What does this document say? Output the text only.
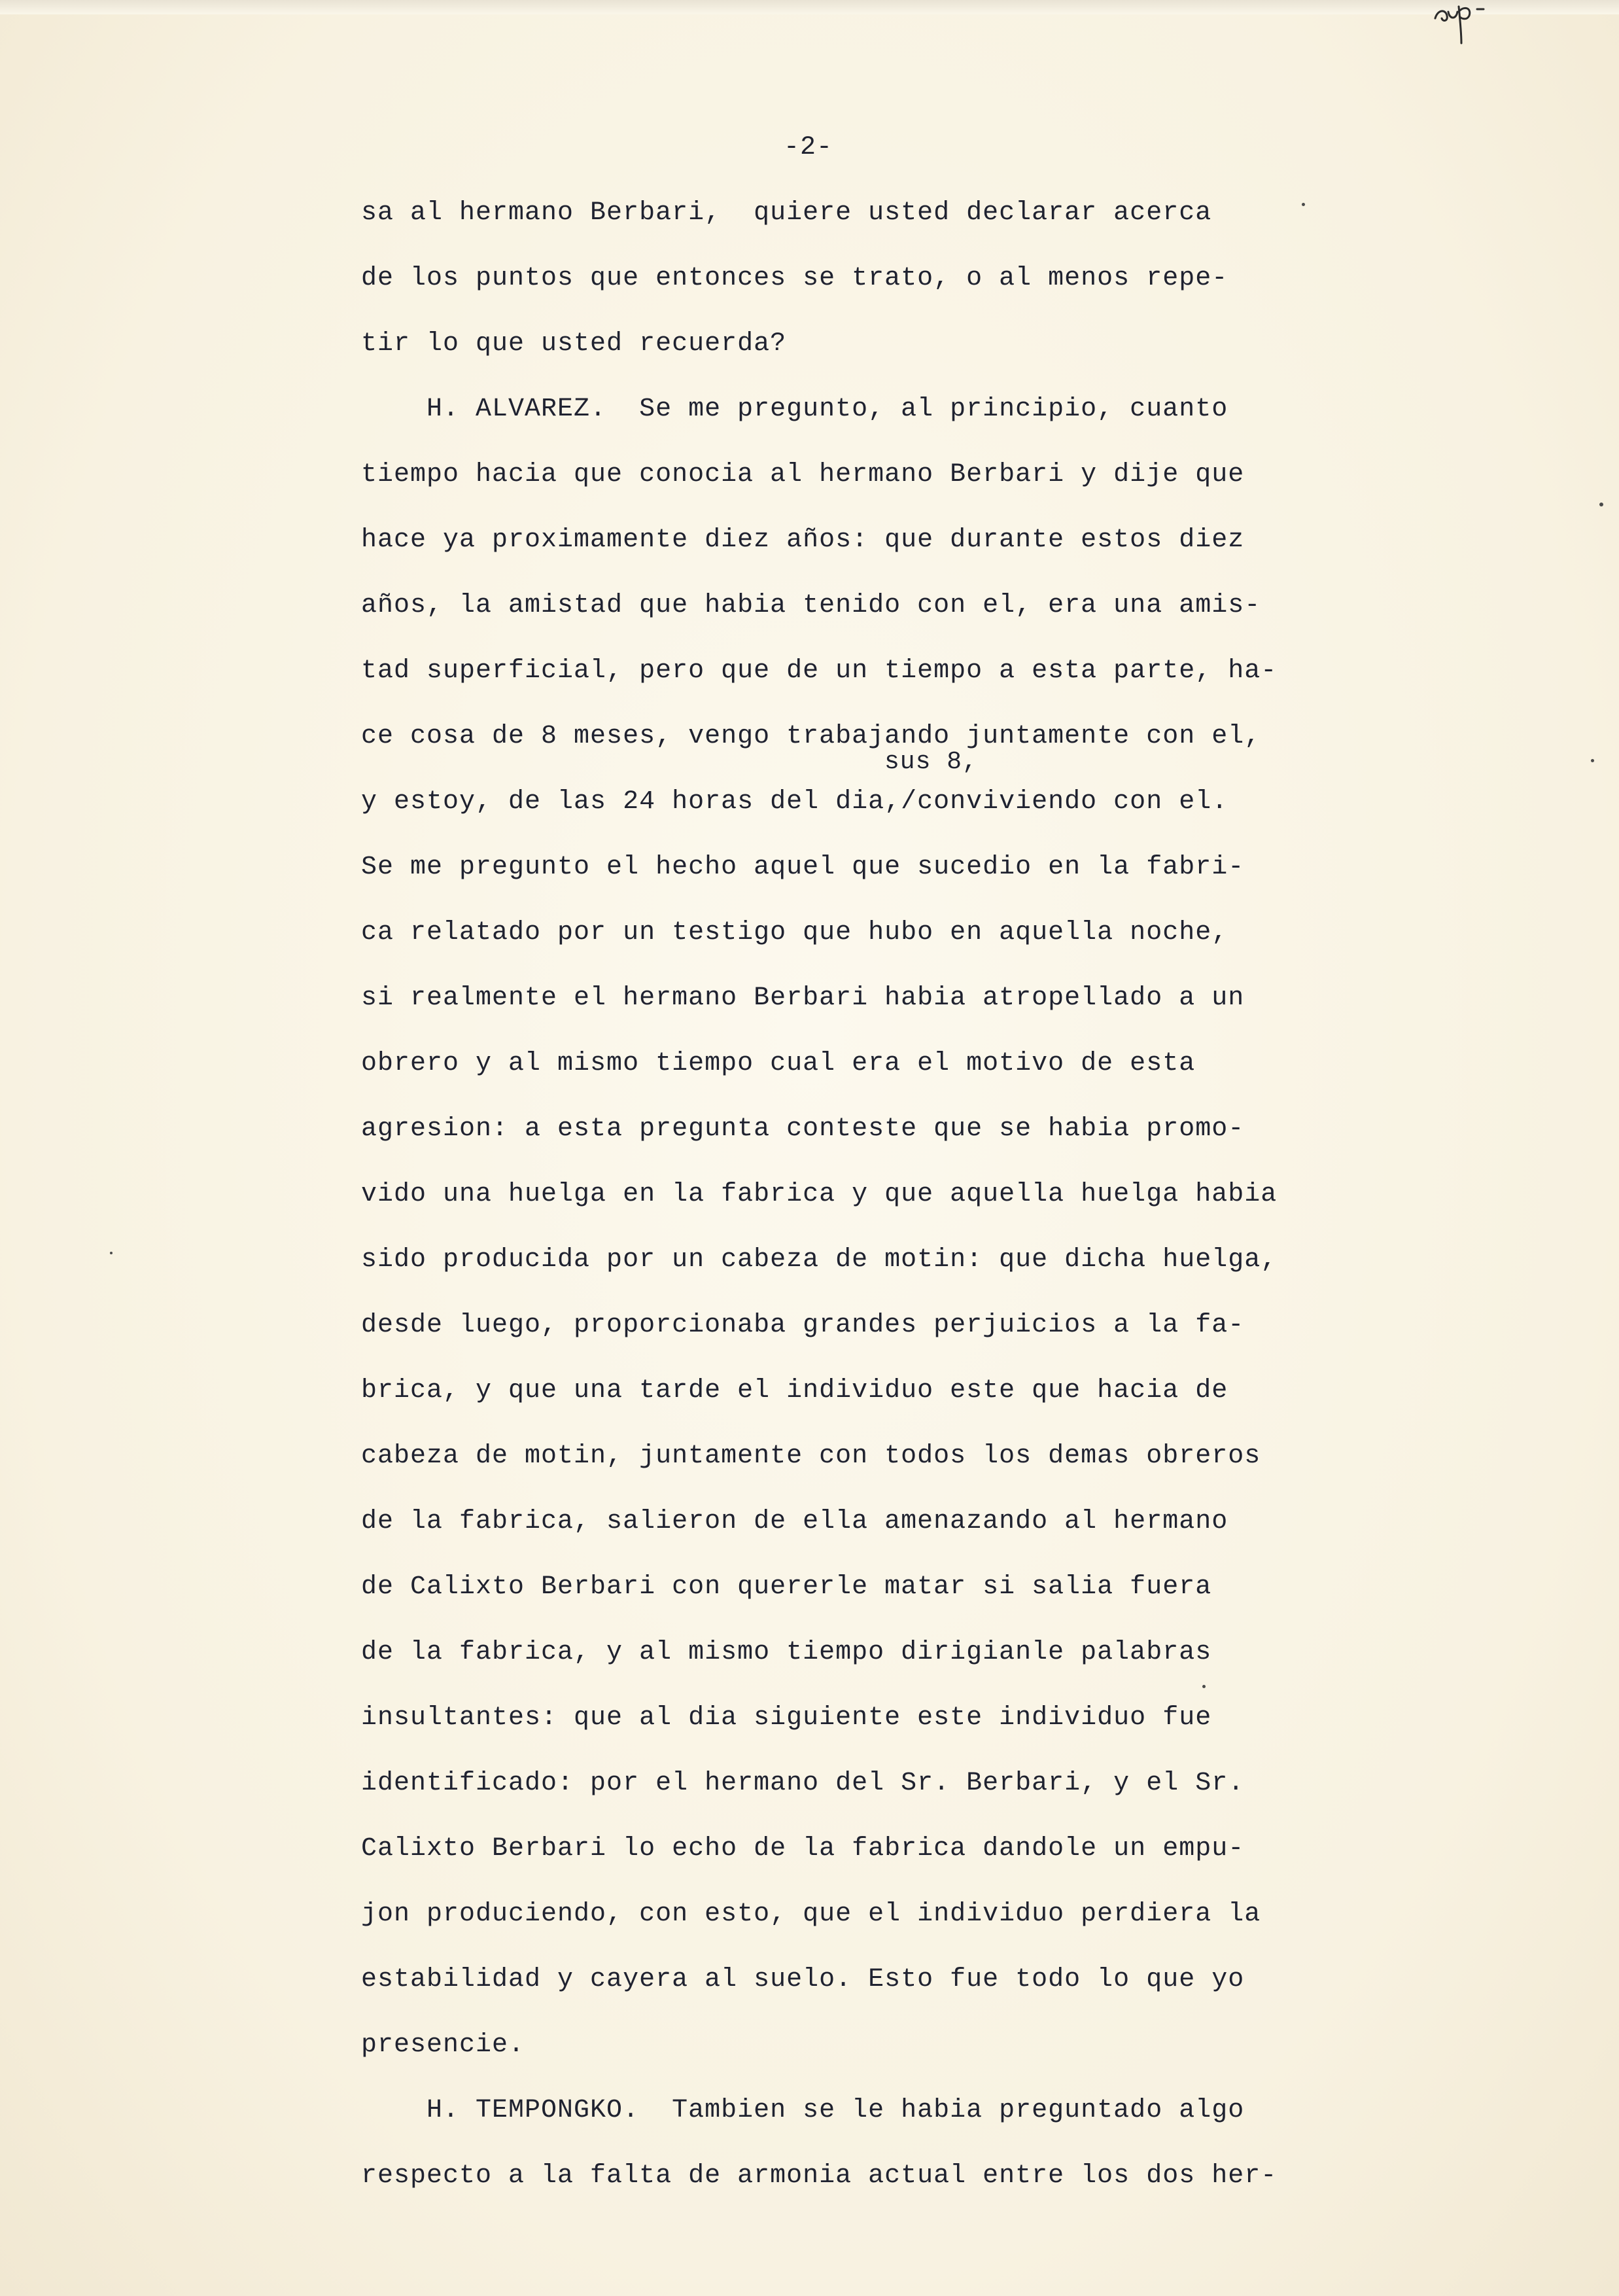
-2-
sus 8,
sa al hermano Berbari,  quiere usted declarar acerca
de los puntos que entonces se trato, o al menos repe-
tir lo que usted recuerda?
H. ALVAREZ.  Se me pregunto, al principio, cuanto
tiempo hacia que conocia al hermano Berbari y dije que
hace ya proximamente diez años: que durante estos diez
años, la amistad que habia tenido con el, era una amis-
tad superficial, pero que de un tiempo a esta parte, ha-
ce cosa de 8 meses, vengo trabajando juntamente con el,
y estoy, de las 24 horas del dia,/conviviendo con el.
Se me pregunto el hecho aquel que sucedio en la fabri-
ca relatado por un testigo que hubo en aquella noche,
si realmente el hermano Berbari habia atropellado a un
obrero y al mismo tiempo cual era el motivo de esta
agresion: a esta pregunta conteste que se habia promo-
vido una huelga en la fabrica y que aquella huelga habia
sido producida por un cabeza de motin: que dicha huelga,
desde luego, proporcionaba grandes perjuicios a la fa-
brica, y que una tarde el individuo este que hacia de
cabeza de motin, juntamente con todos los demas obreros
de la fabrica, salieron de ella amenazando al hermano
de Calixto Berbari con quererle matar si salia fuera
de la fabrica, y al mismo tiempo dirigianle palabras
insultantes: que al dia siguiente este individuo fue
identificado: por el hermano del Sr. Berbari, y el Sr.
Calixto Berbari lo echo de la fabrica dandole un empu-
jon produciendo, con esto, que el individuo perdiera la
estabilidad y cayera al suelo. Esto fue todo lo que yo
presencie.
H. TEMPONGKO.  Tambien se le habia preguntado algo
respecto a la falta de armonia actual entre los dos her-
